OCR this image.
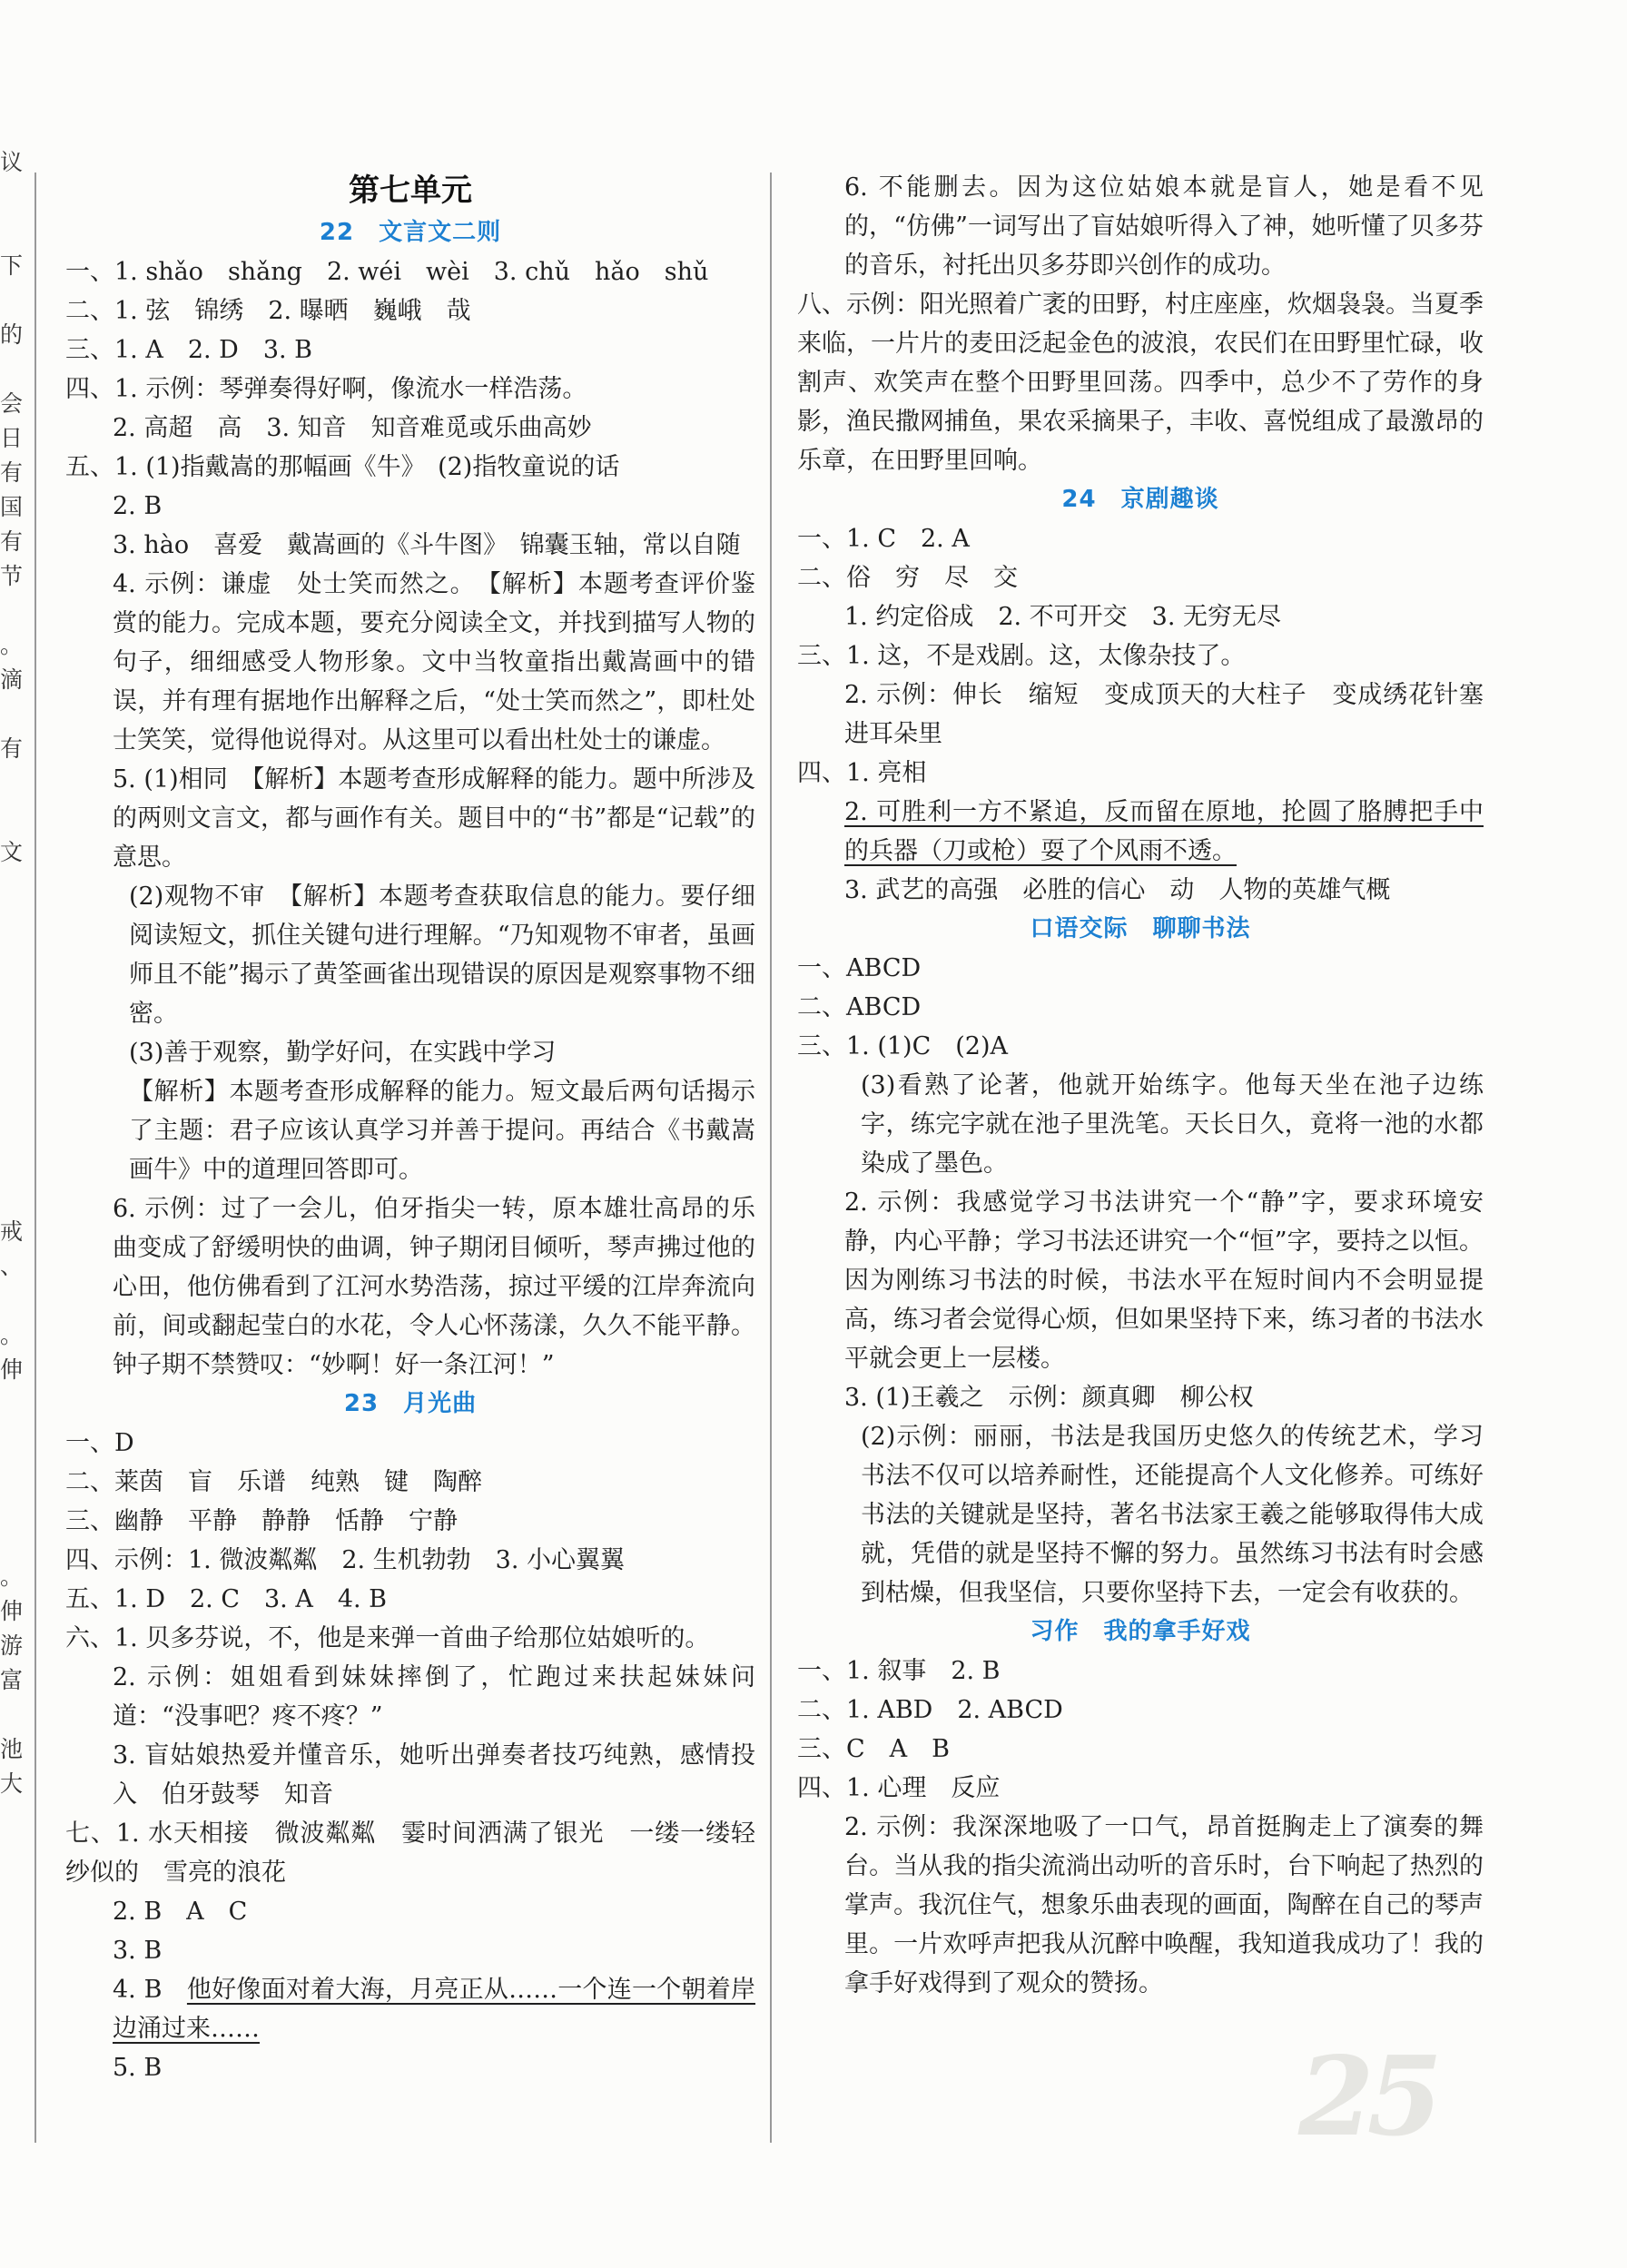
议
下
的
会
日
有
国
有
节
。
滴
有
文
戒
、
。
伸
。
伸
游
富
池
大
第七单元
22　文言文二则
一、1. shǎo　shǎng　2. wéi　wèi　3. chǔ　hǎo　shǔ
二、1. 弦　锦绣　2. 曝晒　巍峨　哉
三、1. A　2. D　3. B
四、1. 示例：琴弹奏得好啊，像流水一样浩荡。
2. 高超　高　3. 知音　知音难觅或乐曲高妙
五、1. (1)指戴嵩的那幅画《牛》　(2)指牧童说的话
2. B
3. hào　喜爱　戴嵩画的《斗牛图》　锦囊玉轴，常以自随
4. 示例：谦虚　处士笑而然之。　【解析】本题考查评价鉴赏的能力。完成本题，要充分阅读全文，并找到描写人物的句子，细细感受人物形象。文中当牧童指出戴嵩画中的错误，并有理有据地作出解释之后，“处士笑而然之”，即杜处士笑笑，觉得他说得对。从这里可以看出杜处士的谦虚。
5. (1)相同　【解析】本题考查形成解释的能力。题中所涉及的两则文言文，都与画作有关。题目中的“书”都是“记载”的意思。
(2)观物不审　【解析】本题考查获取信息的能力。要仔细阅读短文，抓住关键句进行理解。“乃知观物不审者，虽画师且不能”揭示了黄筌画雀出现错误的原因是观察事物不细密。
(3)善于观察，勤学好问，在实践中学习
【解析】本题考查形成解释的能力。短文最后两句话揭示了主题：君子应该认真学习并善于提问。再结合《书戴嵩画牛》中的道理回答即可。
6. 示例：过了一会儿，伯牙指尖一转，原本雄壮高昂的乐曲变成了舒缓明快的曲调，钟子期闭目倾听，琴声拂过他的心田，他仿佛看到了江河水势浩荡，掠过平缓的江岸奔流向前，间或翻起莹白的水花，令人心怀荡漾，久久不能平静。钟子期不禁赞叹：“妙啊！好一条江河！”
23　月光曲
一、D
二、莱茵　盲　乐谱　纯熟　键　陶醉
三、幽静　平静　静静　恬静　宁静
四、示例：1. 微波粼粼　2. 生机勃勃　3. 小心翼翼
五、1. D　2. C　3. A　4. B
六、1. 贝多芬说，不，他是来弹一首曲子给那位姑娘听的。
2. 示例：姐姐看到妹妹摔倒了，忙跑过来扶起妹妹问道：“没事吧？疼不疼？”
3. 盲姑娘热爱并懂音乐，她听出弹奏者技巧纯熟，感情投入　伯牙鼓琴　知音
七、1. 水天相接　微波粼粼　霎时间洒满了银光　一缕一缕轻纱似的　雪亮的浪花
2. B　A　C
3. B
4. B　 他好像面对着大海，月亮正从……一个连一个朝着岸边涌过来……
5. B
6. 不能删去。因为这位姑娘本就是盲人，她是看不见的，“仿佛”一词写出了盲姑娘听得入了神，她听懂了贝多芬的音乐，衬托出贝多芬即兴创作的成功。
八、示例：阳光照着广袤的田野，村庄座座，炊烟袅袅。当夏季来临，一片片的麦田泛起金色的波浪，农民们在田野里忙碌，收割声、欢笑声在整个田野里回荡。四季中，总少不了劳作的身影，渔民撒网捕鱼，果农采摘果子，丰收、喜悦组成了最激昂的乐章，在田野里回响。
24　京剧趣谈
一、1. C　2. A
二、俗　穷　尽　交
1. 约定俗成　2. 不可开交　3. 无穷无尽
三、1. 这，不是戏剧。这，太像杂技了。
2. 示例：伸长　缩短　变成顶天的大柱子　变成绣花针塞进耳朵里
四、1. 亮相
2. 可胜利一方不紧追，反而留在原地，抡圆了胳膊把手中的兵器（刀或枪）耍了个风雨不透。
3. 武艺的高强　必胜的信心　动　人物的英雄气概
口语交际　聊聊书法
一、ABCD
二、ABCD
三、1. (1)C　(2)A
(3)看熟了论著，他就开始练字。他每天坐在池子边练字，练完字就在池子里洗笔。天长日久，竟将一池的水都染成了墨色。
2. 示例：我感觉学习书法讲究一个“静”字，要求环境安静，内心平静；学习书法还讲究一个“恒”字，要持之以恒。因为刚练习书法的时候，书法水平在短时间内不会明显提高，练习者会觉得心烦，但如果坚持下来，练习者的书法水平就会更上一层楼。
3. (1)王羲之　示例：颜真卿　柳公权
(2)示例：丽丽，书法是我国历史悠久的传统艺术，学习书法不仅可以培养耐性，还能提高个人文化修养。可练好书法的关键就是坚持，著名书法家王羲之能够取得伟大成就，凭借的就是坚持不懈的努力。虽然练习书法有时会感到枯燥，但我坚信，只要你坚持下去，一定会有收获的。
习作　我的拿手好戏
一、1. 叙事　2. B
二、1. ABD　2. ABCD
三、C　A　B
四、1. 心理　反应
2. 示例：我深深地吸了一口气，昂首挺胸走上了演奏的舞台。当从我的指尖流淌出动听的音乐时，台下响起了热烈的掌声。我沉住气，想象乐曲表现的画面，陶醉在自己的琴声里。一片欢呼声把我从沉醉中唤醒，我知道我成功了！我的拿手好戏得到了观众的赞扬。
25
